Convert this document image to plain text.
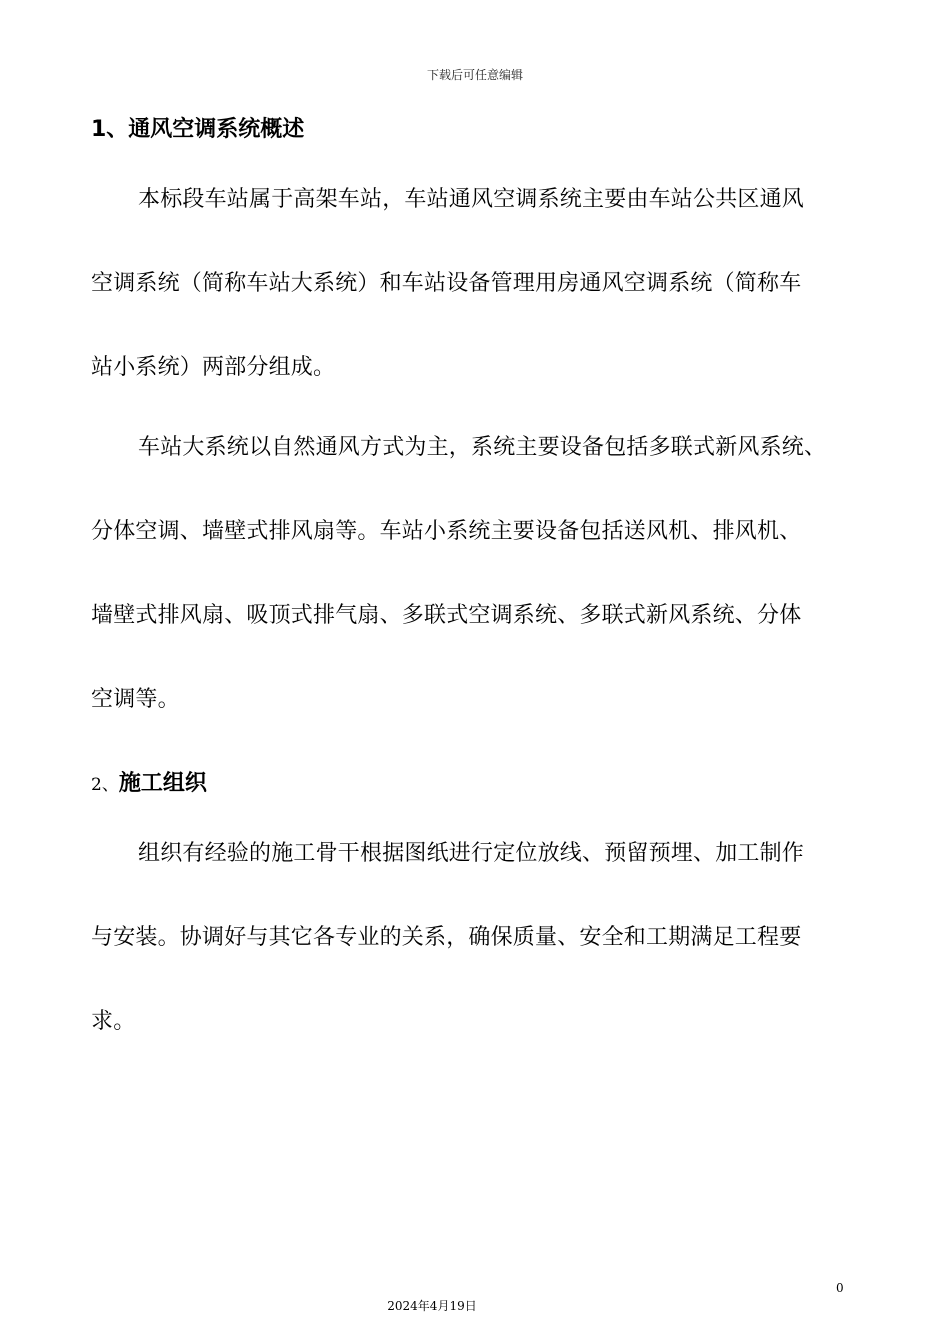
下载后可任意编辑
1、通风空调系统概述

本标段车站属于高架车站，车站通风空调系统主要由车站公共区通风
空调系统（简称车站大系统）和车站设备管理用房通风空调系统（简称车
站小系统）两部分组成。

车站大系统以自然通风方式为主，系统主要设备包括多联式新风系统、
分体空调、墙壁式排风扇等。车站小系统主要设备包括送风机、排风机、
墙壁式排风扇、吸顶式排气扇、多联式空调系统、多联式新风系统、分体
空调等。

2、施工组织

组织有经验的施工骨干根据图纸进行定位放线、预留预埋、加工制作
与安装。协调好与其它各专业的关系，确保质量、安全和工期满足工程要
求。

0
2024年4月19日
